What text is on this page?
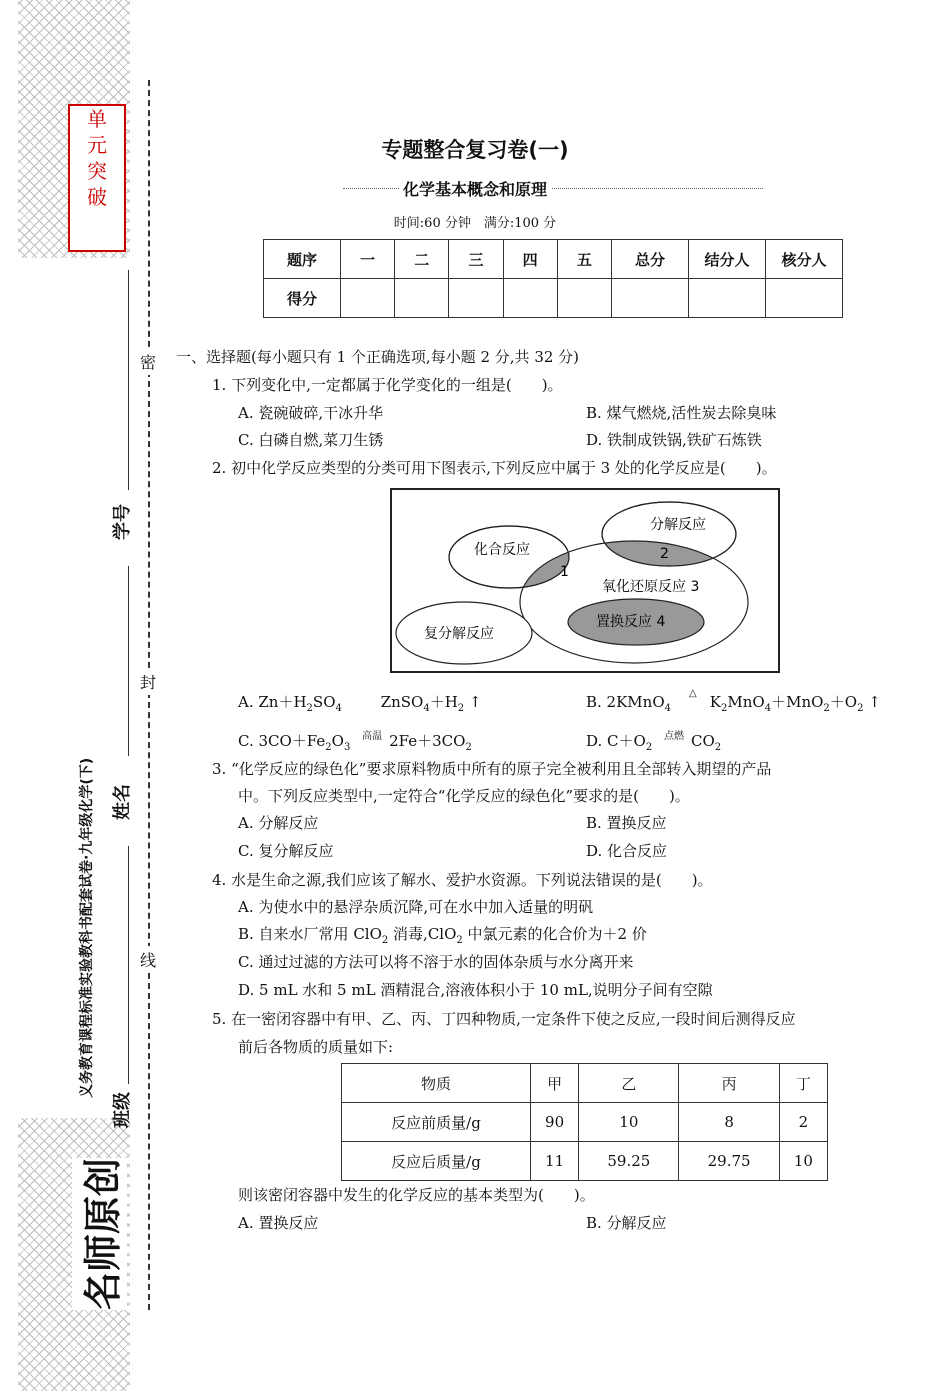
单
元
突
破
名师原创
义务教育课程标准实验教科书配套试卷·九年级化学(下)
密
封
线
学号
姓名
班级
专题整合复习卷(一)
化学基本概念和原理
时间:60 分钟　满分:100 分
题序	一	二	三	四	五	总分	结分人	核分人
得分								
一、选择题(每小题只有 1 个正确选项,每小题 2 分,共 32 分)
1. 下列变化中,一定都属于化学变化的一组是(　　)。
A. 瓷碗破碎,干冰升华	B. 煤气燃烧,活性炭去除臭味
C. 白磷自燃,菜刀生锈	D. 铁制成铁锅,铁矿石炼铁
2. 初中化学反应类型的分类可用下图表示,下列反应中属于 3 处的化学反应是(　　)。
化合反应
分解反应
1
2
氧化还原反应 3
置换反应 4
复分解反应
A. $Zn+H_2SO_4$	$ZnSO_4+H_2$ ↑	B. 2KMnO$_4$
△ $K_2MnO_4+MnO_2+O_2$ ↑
C. $3CO+Fe_2O_3$
高温 $2Fe+3CO_2$	D. $C+O_2$
点燃 $CO_2$
3. “化学反应的绿色化”要求原料物质中所有的原子完全被利用且全部转入期望的产品
中。下列反应类型中,一定符合“化学反应的绿色化”要求的是(　　)。
A. 分解反应	B. 置换反应
C. 复分解反应	D. 化合反应
4. 水是生命之源,我们应该了解水、爱护水资源。下列说法错误的是(　　)。
A. 为使水中的悬浮杂质沉降,可在水中加入适量的明矾
B. 自来水厂常用 ClO$_2$ 消毒,ClO$_2$ 中氯元素的化合价为＋2 价
C. 通过过滤的方法可以将不溶于水的固体杂质与水分离开来
D. 5 mL 水和 5 mL 酒精混合,溶液体积小于 10 mL,说明分子间有空隙
5. 在一密闭容器中有甲、乙、丙、丁四种物质,一定条件下使之反应,一段时间后测得反应
前后各物质的质量如下:
物质	甲	乙	丙	丁
反应前质量/g	90	10	8	2
反应后质量/g	11	59.25	29.75	10
则该密闭容器中发生的化学反应的基本类型为(　　)。
A. 置换反应	B. 分解反应
